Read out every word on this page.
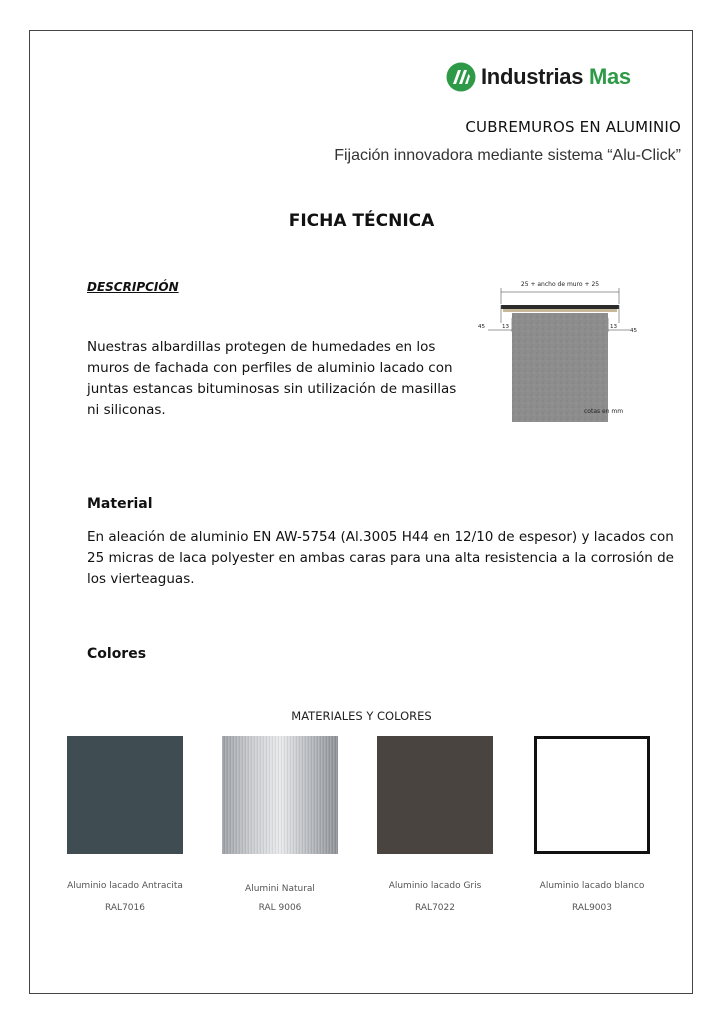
Industrias Mas
CUBREMUROS EN ALUMINIO
Fijación innovadora mediante sistema “Alu-Click”
FICHA TÉCNICA
DESCRIPCIÓN
Nuestras albardillas protegen de humedades en los muros de fachada con perfiles de aluminio lacado con juntas estancas bituminosas sin utilización de masillas ni siliconas.
25 + ancho de muro + 25
45	13	13
45
cotas en mm
Material
En aleación de aluminio EN AW-5754 (Al.3005 H44 en 12/10 de espesor) y lacados con 25 micras de laca polyester en ambas caras para una alta resistencia a la corrosión de los vierteaguas.
Colores
MATERIALES Y COLORES
Aluminio lacado Antracita
RAL7016
Alumini Natural
RAL 9006
Aluminio lacado Gris
RAL7022
Aluminio lacado blanco
RAL9003
